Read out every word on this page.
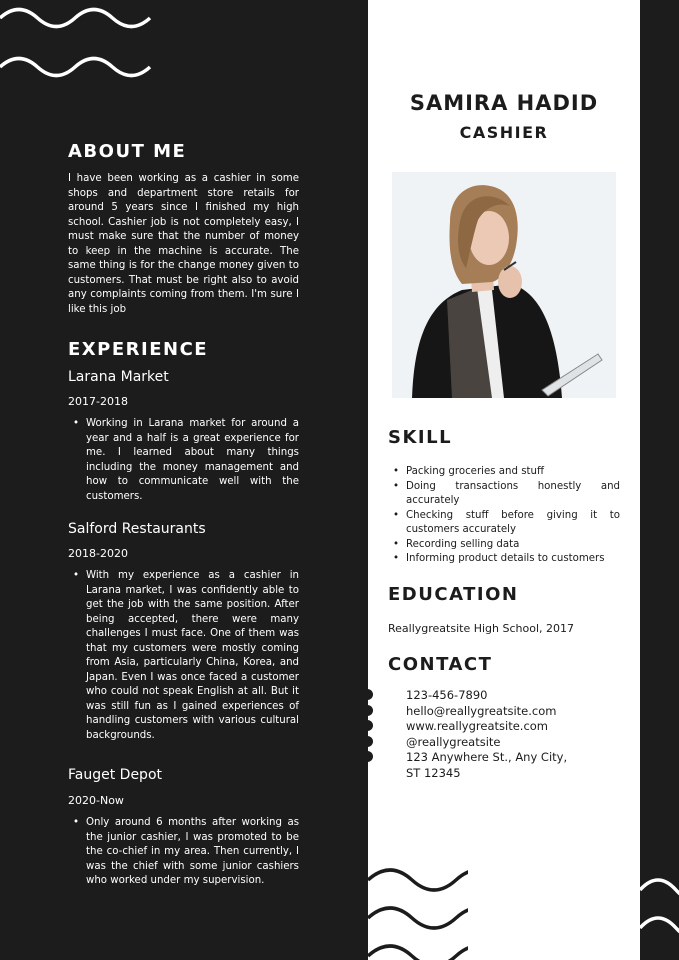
ABOUT ME

I have been working as a cashier in some shops and department store retails for around 5 years since I finished my high school. Cashier job is not completely easy, I must make sure that the number of money to keep in the machine is accurate. The same thing is for the change money given to customers. That must be right also to avoid any complaints coming from them. I'm sure I like this job

EXPERIENCE
Larana Market

2017-2018

• Working in Larana market for around a year and a half is a great experience for me. I learned about many things including the money management and how to communicate well with the customers.
Salford Restaurants

2018-2020

• With my experience as a cashier in Larana market, I was confidently able to get the job with the same position. After being accepted, there were many challenges I must face. One of them was that my customers were mostly coming from Asia, particularly China, Korea, and Japan. Even I was once faced a customer who could not speak English at all. But it was still fun as I gained experiences of handling customers with various cultural backgrounds.
Fauget Depot

2020-Now

• Only around 6 months after working as the junior cashier, I was promoted to be the co-chief in my area. Then currently, I was the chief with some junior cashiers who worked under my supervision.
SAMIRA HADID
CASHIER
SKILL
• Packing groceries and stuff
• Doing transactions honestly and accurately
• Checking stuff before giving it to customers accurately
• Recording selling data
• Informing product details to customers
EDUCATION

Reallygreatsite High School, 2017

CONTACT
123-456-7890
hello@reallygreatsite.com
www.reallygreatsite.com
@reallygreatsite
123 Anywhere St., Any City,
ST 12345
